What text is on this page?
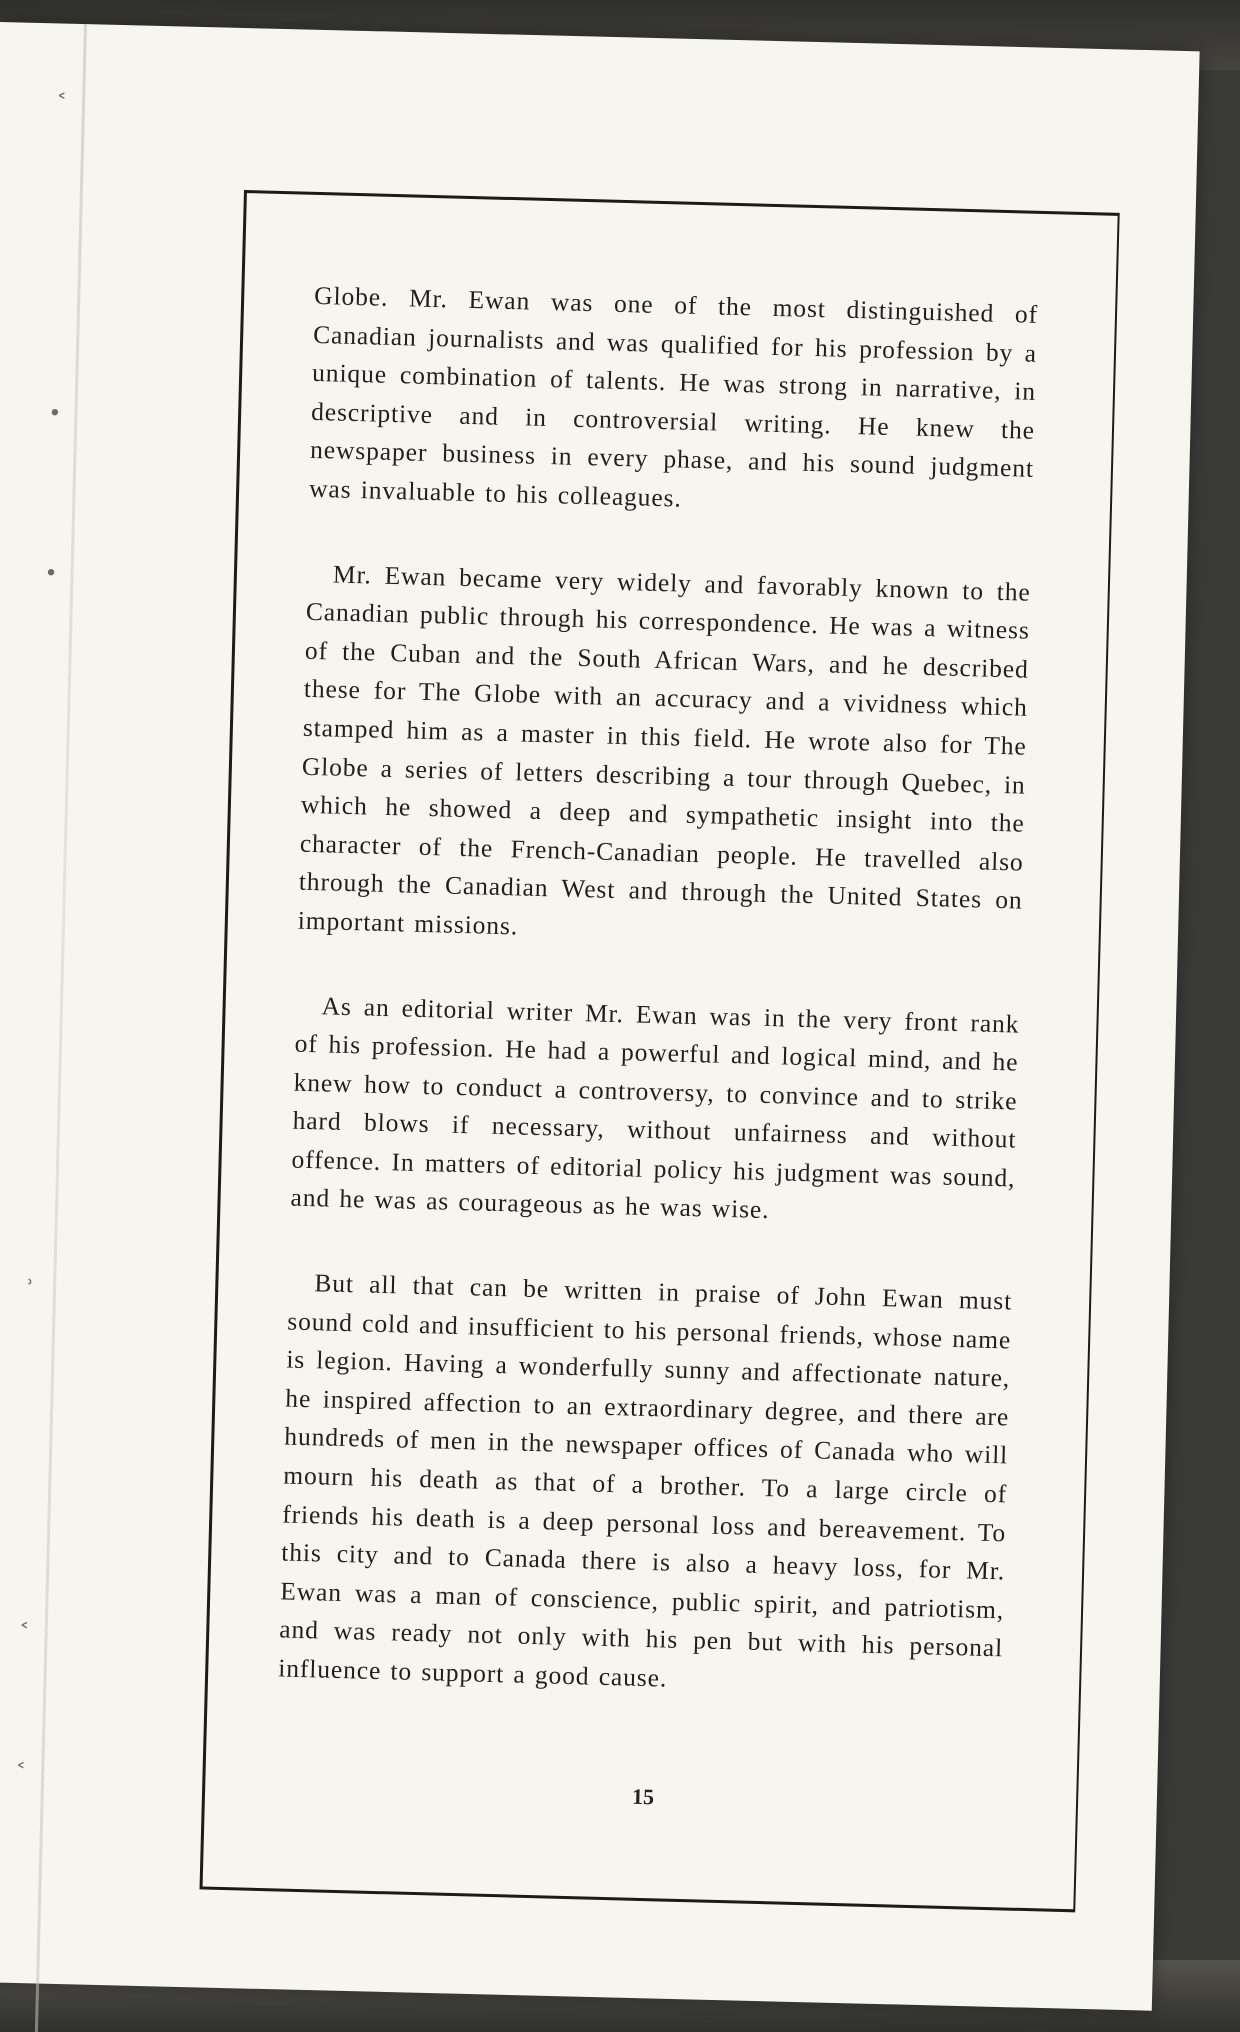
˂
•
•
˒
˂
˂

Globe. Mr. Ewan was one of the most distinguished of Canadian journalists and was qualified for his profession by a unique combination of talents. He was strong in narrative, in descriptive and in controversial writing. He knew the newspaper business in every phase, and his sound judgment was invaluable to his colleagues.

Mr. Ewan became very widely and favorably known to the Canadian public through his correspondence. He was a witness of the Cuban and the South African Wars, and he described these for The Globe with an accuracy and a vividness which stamped him as a master in this field. He wrote also for The Globe a series of letters describing a tour through Quebec, in which he showed a deep and sympathetic insight into the character of the French-Canadian people. He travelled also through the Canadian West and through the United States on important missions.

As an editorial writer Mr. Ewan was in the very front rank of his profession. He had a powerful and logical mind, and he knew how to conduct a controversy, to convince and to strike hard blows if necessary, without unfairness and without offence. In matters of editorial policy his judgment was sound, and he was as courageous as he was wise.

But all that can be written in praise of John Ewan must sound cold and insufficient to his personal friends, whose name is legion. Having a wonderfully sunny and affectionate nature, he inspired affection to an extraordinary degree, and there are hundreds of men in the newspaper offices of Canada who will mourn his death as that of a brother. To a large circle of friends his death is a deep personal loss and bereavement. To this city and to Canada there is also a heavy loss, for Mr. Ewan was a man of conscience, public spirit, and patriotism, and was ready not only with his pen but with his personal influence to support a good cause.

15
